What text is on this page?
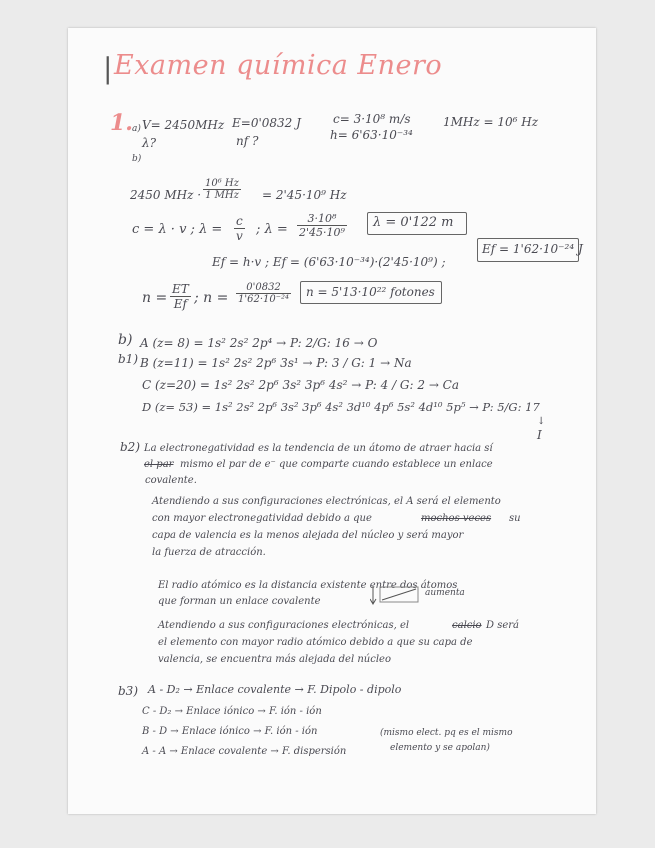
| Examen química Enero
1. a) V= 2450MHz
λ?
b)
E=0'0832 J
nf ?
c= 3·10⁸ m/s
h= 6'63·10⁻³⁴
1MHz = 10⁶ Hz
2450 MHz ·
10⁶ Hz
1 MHz = 2'45·10⁹ Hz
c = λ · v ; $\lambda = \frac{c}{v}$ ; $\lambda = \frac{\text{3·10⁸}}{\text{2'45·10⁹}}$ λ = 0'122 m
Ef = h·v ; Ef = (6'63·10⁻³⁴)·(2'45·10⁹) ;
Ef = 1'62·10⁻²⁴ J
$n = \frac{ET}{Ef}$ ; $n = \frac{0'0832}{\text{1'62·10⁻²⁴}}$ n = 5'13·10²² fotones
b)
b1)
A (z= 8) = 1s² 2s² 2p⁴ → P: 2/G: 16 → O
B (z=11) = 1s² 2s² 2p⁶ 3s¹ → P: 3 / G: 1 → Na
C (z=20) = 1s² 2s² 2p⁶ 3s² 3p⁶ 4s² → P: 4 / G: 2 → Ca
D (z= 53) = 1s² 2s² 2p⁶ 3s² 3p⁶ 4s² 3d¹⁰ 4p⁶ 5s² 4d¹⁰ 5p⁵ → P: 5/G: 17
↓
I
b2) La electronegatividad es la tendencia de un átomo de atraer hacia sí
el par mismo el par de e⁻ que comparte cuando establece un enlace
covalente.
Atendiendo a sus configuraciones electrónicas, el A será el elemento
con mayor electronegatividad debido a que	mochos veces su
capa de valencia es la menos alejada del núcleo y será mayor
la fuerza de atracción.
El radio atómico es la distancia existente entre dos átomos
que forman un enlace covalente
aumenta
Atendiendo a sus configuraciones electrónicas, el	calcio D será
el elemento con mayor radio atómico debido a que su capa de
valencia, se encuentra más alejada del núcleo
b3) A - D₂ → Enlace covalente → F. Dipolo - dipolo
C - D₂ → Enlace iónico → F. ión - ión
B - D → Enlace iónico → F. ión - ión
A - A → Enlace covalente → F. dispersión
(mismo elect. pq es el mismo
elemento y se apolan)
